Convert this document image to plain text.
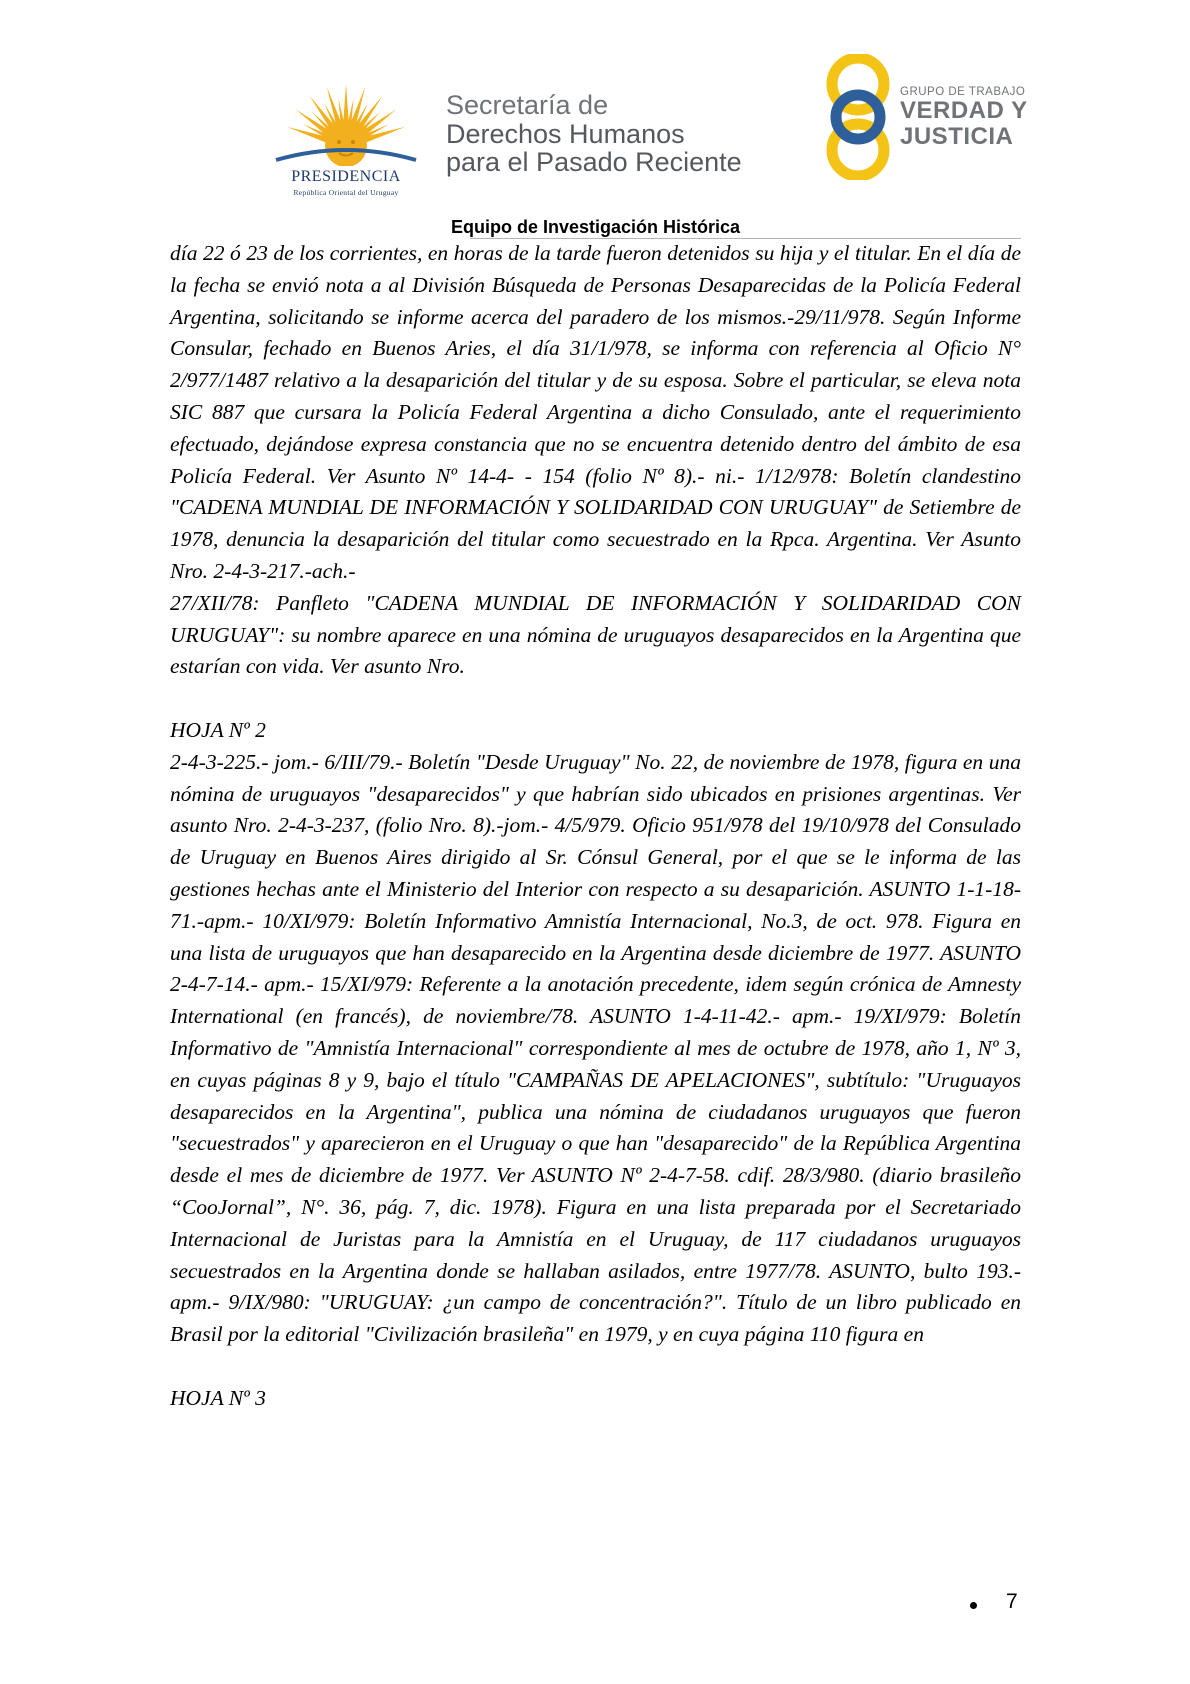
PRESIDENCIA
República Oriental del Uruguay
Secretaría de
Derechos Humanos
para el Pasado Reciente
GRUPO DE TRABAJO
VERDAD Y
JUSTICIA
Equipo de Investigación Histórica

día 22 ó 23 de los corrientes, en horas de la tarde fueron detenidos su hija y el titular. En el día de la fecha se envió nota a al División Búsqueda de Personas Desaparecidas de la Policía Federal Argentina, solicitando se informe acerca del paradero de los mismos.-29/11/978. Según Informe Consular, fechado en Buenos Aries, el día 31/1/978, se informa con referencia al Oficio N° 2/977/1487 relativo a la desaparición del titular y de su esposa. Sobre el particular, se eleva nota SIC 887 que cursara la Policía Federal Argentina a dicho Consulado, ante el requerimiento efectuado, dejándose expresa constancia que no se encuentra detenido dentro del ámbito de esa Policía Federal. Ver Asunto Nº 14-4- - 154 (folio Nº 8).- ni.- 1/12/978: Boletín clandestino "CADENA MUNDIAL DE INFORMACIÓN Y SOLIDARIDAD CON URUGUAY" de Setiembre de 1978, denuncia la desaparición del titular como secuestrado en la Rpca. Argentina. Ver Asunto Nro. 2-4-3-217.-ach.-

27/XII/78: Panfleto "CADENA MUNDIAL DE INFORMACIÓN Y SOLIDARIDAD CON URUGUAY": su nombre aparece en una nómina de uruguayos desaparecidos en la Argentina que estarían con vida. Ver asunto Nro.

HOJA Nº 2

2-4-3-225.- jom.- 6/III/79.- Boletín "Desde Uruguay" No. 22, de noviembre de 1978, figura en una nómina de uruguayos "desaparecidos" y que habrían sido ubicados en prisiones argentinas. Ver asunto Nro. 2-4-3-237, (folio Nro. 8).-jom.- 4/5/979. Oficio 951/978 del 19/10/978 del Consulado de Uruguay en Buenos Aires dirigido al Sr. Cónsul General, por el que se le informa de las gestiones hechas ante el Ministerio del Interior con respecto a su desaparición. ASUNTO 1-1-18-71.-apm.- 10/XI/979: Boletín Informativo Amnistía Internacional, No.3, de oct. 978. Figura en una lista de uruguayos que han desaparecido en la Argentina desde diciembre de 1977. ASUNTO 2-4-7-14.- apm.- 15/XI/979: Referente a la anotación precedente, idem según crónica de Amnesty International (en francés), de noviembre/78. ASUNTO 1-4-11-42.- apm.- 19/XI/979: Boletín Informativo de "Amnistía Internacional" correspondiente al mes de octubre de 1978, año 1, Nº 3, en cuyas páginas 8 y 9, bajo el título "CAMPAÑAS DE APELACIONES", subtítulo: "Uruguayos desaparecidos en la Argentina", publica una nómina de ciudadanos uruguayos que fueron "secuestrados" y aparecieron en el Uruguay o que han "desaparecido" de la República Argentina desde el mes de diciembre de 1977. Ver ASUNTO Nº 2-4-7-58. cdif. 28/3/980. (diario brasileño “CooJornal”, N°. 36, pág. 7, dic. 1978). Figura en una lista preparada por el Secretariado Internacional de Juristas para la Amnistía en el Uruguay, de 117 ciudadanos uruguayos secuestrados en la Argentina donde se hallaban asilados, entre 1977/78. ASUNTO, bulto 193.- apm.- 9/IX/980: "URUGUAY: ¿un campo de concentración?". Título de un libro publicado en Brasil por la editorial "Civilización brasileña" en 1979, y en cuya página 110 figura en

HOJA Nº 3

7
